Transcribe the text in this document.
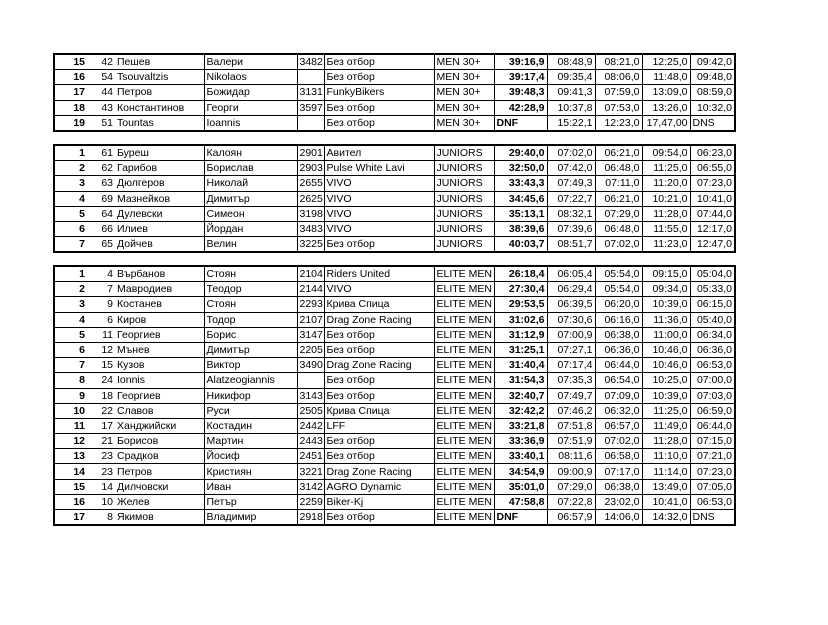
15	42	Пешев	Валери	3482	Без отбор	MEN 30+	39:16,9	08:48,9	08:21,0	12:25,0	09:42,0
16	54	Tsouvaltzis	Nikolaos		Без отбор	MEN 30+	39:17,4	09:35,4	08:06,0	11:48,0	09:48,0
17	44	Петров	Божидар	3131	FunkyBikers	MEN 30+	39:48,3	09:41,3	07:59,0	13:09,0	08:59,0
18	43	Константинов	Георги	3597	Без отбор	MEN 30+	42:28,9	10:37,8	07:53,0	13:26,0	10:32,0
19	51	Tountas	Ioannis		Без отбор	MEN 30+	DNF	15:22,1	12:23,0	17,47,00	DNS
1	61	Буреш	Калоян	2901	Авител	JUNIORS	29:40,0	07:02,0	06:21,0	09:54,0	06:23,0
2	62	Гарибов	Борислав	2903	Pulse White Lavi	JUNIORS	32:50,0	07:42,0	06:48,0	11:25,0	06:55,0
3	63	Дюлгеров	Николай	2655	VIVO	JUNIORS	33:43,3	07:49,3	07:11,0	11:20,0	07:23,0
4	69	Мазнейков	Димитър	2625	VIVO	JUNIORS	34:45,6	07:22,7	06:21,0	10:21,0	10:41,0
5	64	Дулевски	Симеон	3198	VIVO	JUNIORS	35:13,1	08:32,1	07:29,0	11:28,0	07:44,0
6	66	Илиев	Йордан	3483	VIVO	JUNIORS	38:39,6	07:39,6	06:48,0	11:55,0	12:17,0
7	65	Дойчев	Велин	3225	Без отбор	JUNIORS	40:03,7	08:51,7	07:02,0	11:23,0	12:47,0
1	4	Върбанов	Стоян	2104	Riders United	ELITE MEN	26:18,4	06:05,4	05:54,0	09:15,0	05:04,0
2	7	Мавродиев	Теодор	2144	VIVO	ELITE MEN	27:30,4	06:29,4	05:54,0	09:34,0	05:33,0
3	9	Костанев	Стоян	2293	Крива Спица	ELITE MEN	29:53,5	06:39,5	06:20,0	10:39,0	06:15,0
4	6	Киров	Тодор	2107	Drag Zone Racing	ELITE MEN	31:02,6	07:30,6	06:16,0	11:36,0	05:40,0
5	11	Георгиев	Борис	3147	Без отбор	ELITE MEN	31:12,9	07:00,9	06:38,0	11:00,0	06:34,0
6	12	Мънев	Димитър	2205	Без отбор	ELITE MEN	31:25,1	07:27,1	06:36,0	10:46,0	06:36,0
7	15	Кузов	Виктор	3490	Drag Zone Racing	ELITE MEN	31:40,4	07:17,4	06:44,0	10:46,0	06:53,0
8	24	Ionnis	Alatzeogiannis		Без отбор	ELITE MEN	31:54,3	07:35,3	06:54,0	10:25,0	07:00,0
9	18	Георгиев	Никифор	3143	Без отбор	ELITE MEN	32:40,7	07:49,7	07:09,0	10:39,0	07:03,0
10	22	Славов	Руси	2505	Крива Спица	ELITE MEN	32:42,2	07:46,2	06:32,0	11:25,0	06:59,0
11	17	Ханджийски	Костадин	2442	LFF	ELITE MEN	33:21,8	07:51,8	06:57,0	11:49,0	06:44,0
12	21	Борисов	Мартин	2443	Без отбор	ELITE MEN	33:36,9	07:51,9	07:02,0	11:28,0	07:15,0
13	23	Срадков	Йосиф	2451	Без отбор	ELITE MEN	33:40,1	08:11,6	06:58,0	11:10,0	07:21,0
14	23	Петров	Кристиян	3221	Drag Zone Racing	ELITE MEN	34:54,9	09:00,9	07:17,0	11:14,0	07:23,0
15	14	Дилчовски	Иван	3142	AGRO Dynamic	ELITE MEN	35:01,0	07:29,0	06:38,0	13:49,0	07:05,0
16	10	Желев	Петър	2259	Biker-Kj	ELITE MEN	47:58,8	07:22,8	23:02,0	10:41,0	06:53,0
17	8	Якимов	Владимир	2918	Без отбор	ELITE MEN	DNF	06:57,9	14:06,0	14:32,0	DNS
